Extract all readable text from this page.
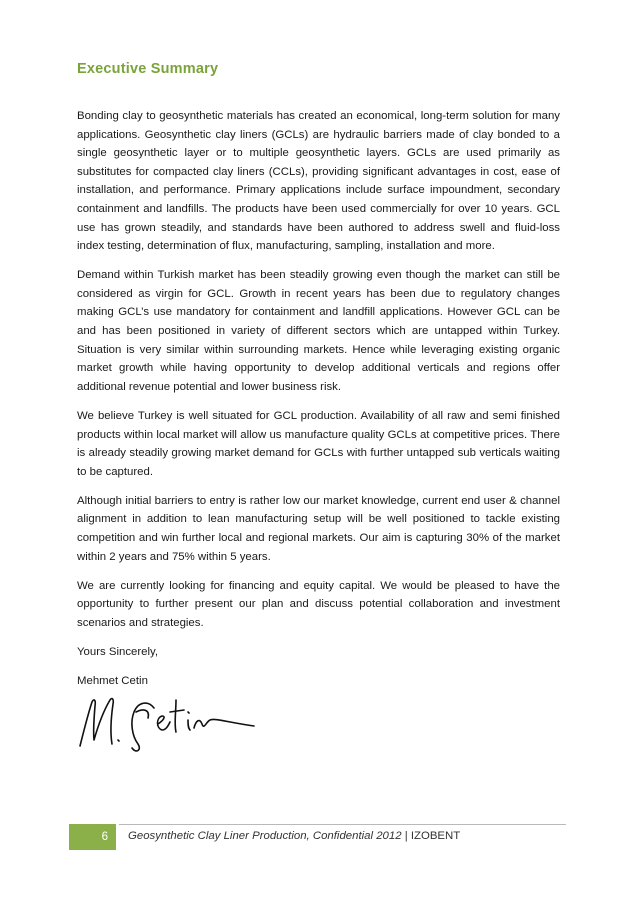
Executive Summary

Bonding clay to geosynthetic materials has created an economical, long-term solution for many applications. Geosynthetic clay liners (GCLs) are hydraulic barriers made of clay bonded to a single geosynthetic layer or to multiple geosynthetic layers. GCLs are used primarily as substitutes for compacted clay liners (CCLs), providing significant advantages in cost, ease of installation, and performance. Primary applications include surface impoundment, secondary containment and landfills. The products have been used commercially for over 10 years. GCL use has grown steadily, and standards have been authored to address swell and fluid-loss index testing, determination of flux, manufacturing, sampling, installation and more.

Demand within Turkish market has been steadily growing even though the market can still be considered as virgin for GCL. Growth in recent years has been due to regulatory changes making GCL’s use mandatory for containment and landfill applications. However GCL can be and has been positioned in variety of different sectors which are untapped within Turkey. Situation is very similar within surrounding markets. Hence while leveraging existing organic market growth while having opportunity to develop additional verticals and regions offer additional revenue potential and lower business risk.

We believe Turkey is well situated for GCL production. Availability of all raw and semi finished products within local market will allow us manufacture quality GCLs at competitive prices. There is already steadily growing market demand for GCLs with further untapped sub verticals waiting to be captured.

Although initial barriers to entry is rather low our market knowledge, current end user & channel alignment in addition to lean manufacturing setup will be well positioned to tackle existing competition and win further local and regional markets. Our aim is capturing 30% of the market within 2 years and 75% within 5 years.

We are currently looking for financing and equity capital. We would be pleased to have the opportunity to further present our plan and discuss potential collaboration and investment scenarios and strategies.

Yours Sincerely,

Mehmet Cetin

6	Geosynthetic Clay Liner Production, Confidential 2012 | IZOBENT
